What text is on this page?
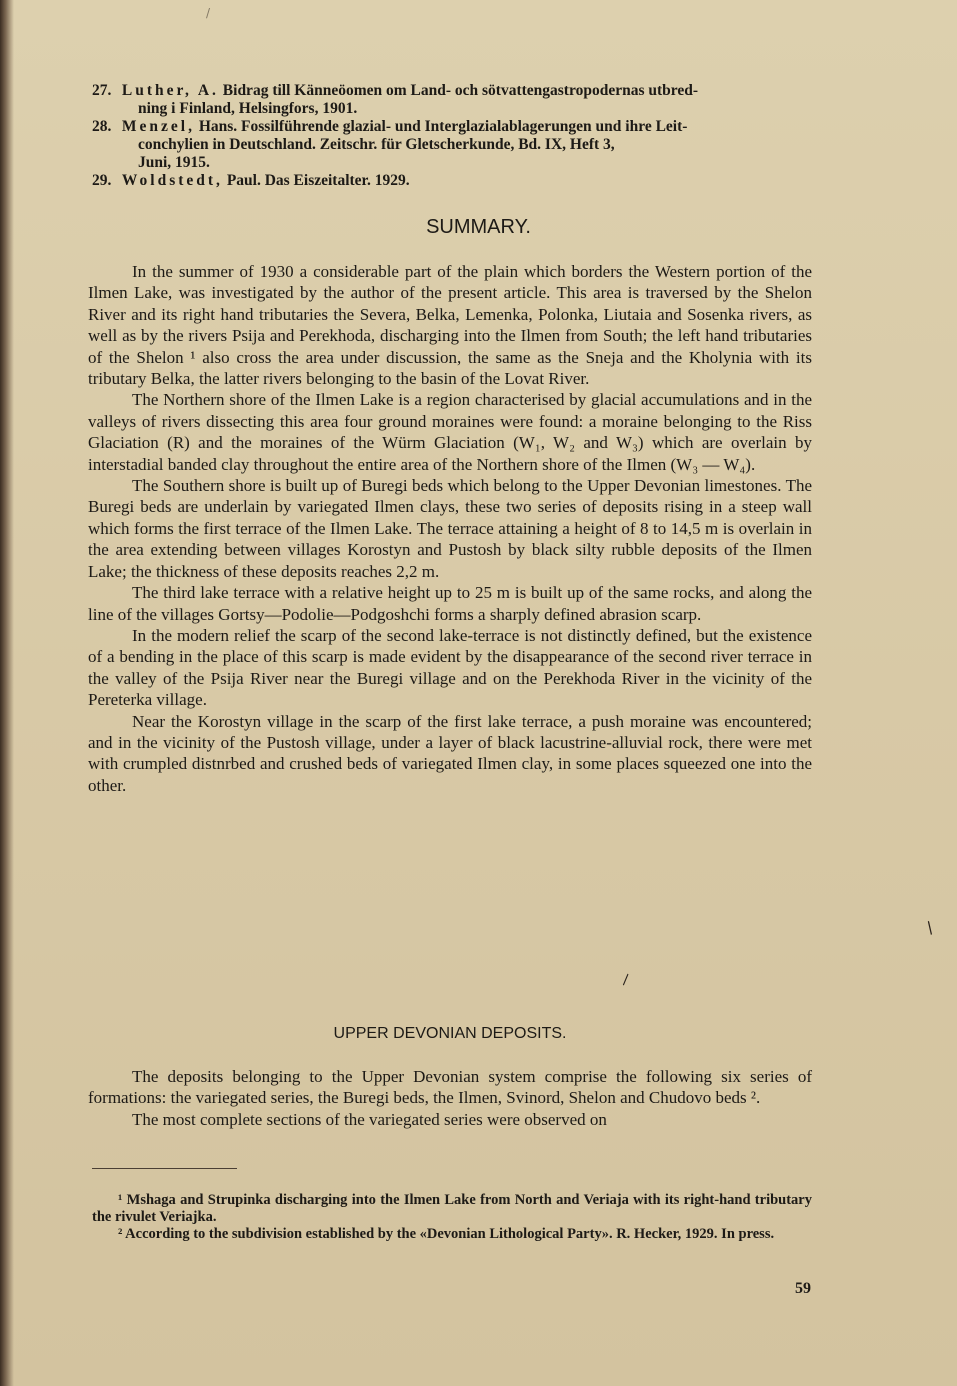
27. Luther, A. Bidrag till Känneöomen om Land- och sötvattengastropodernas utbred-
ning i Finland, Helsingfors, 1901.
28. Menzel, Hans. Fossilführende glazial- und Interglazialablagerungen und ihre Leit-
conchylien in Deutschland. Zeitschr. für Gletscherkunde, Bd. IX, Heft 3,
Juni, 1915.
29. Woldstedt, Paul. Das Eiszeitalter. 1929.
SUMMARY.

In the summer of 1930 a considerable part of the plain which borders the Western portion of the Ilmen Lake, was investigated by the author of the present article. This area is traversed by the Shelon River and its right hand tributaries the Severa, Belka, Lemenka, Polonka, Liutaia and Sosenka rivers, as well as by the rivers Psija and Perekhoda, discharging into the Ilmen from South; the left hand tributaries of the Shelon ¹ also cross the area under discussion, the same as the Sneja and the Kholynia with its tributary Belka, the latter rivers belonging to the basin of the Lovat River.

The Northern shore of the Ilmen Lake is a region characterised by glacial accumulations and in the valleys of rivers dissecting this area four ground moraines were found: a moraine belonging to the Riss Glaciation (R) and the moraines of the Würm Glaciation (W₁, W₂ and W₃) which are overlain by interstadial banded clay throughout the entire area of the Northern shore of the Ilmen (W₃ — W₄).

The Southern shore is built up of Buregi beds which belong to the Upper Devonian limestones. The Buregi beds are underlain by variegated Ilmen clays, these two series of deposits rising in a steep wall which forms the first terrace of the Ilmen Lake. The terrace attaining a height of 8 to 14,5 m is overlain in the area extending between villages Korostyn and Pustosh by black silty rubble deposits of the Ilmen Lake; the thickness of these deposits reaches 2,2 m.

The third lake terrace with a relative height up to 25 m is built up of the same rocks, and along the line of the villages Gortsy—Podolie—Podgoshchi forms a sharply defined abrasion scarp.

In the modern relief the scarp of the second lake-terrace is not distinctly defined, but the existence of a bending in the place of this scarp is made evident by the disappearance of the second river terrace in the valley of the Psija River near the Buregi village and on the Perekhoda River in the vicinity of the Pereterka village.

Near the Korostyn village in the scarp of the first lake terrace, a push moraine was encountered; and in the vicinity of the Pustosh village, under a layer of black lacustrine-alluvial rock, there were met with crumpled distnrbed and crushed beds of variegated Ilmen clay, in some places squeezed one into the other.

UPPER DEVONIAN DEPOSITS.

The deposits belonging to the Upper Devonian system comprise the following six series of formations: the variegated series, the Buregi beds, the Ilmen, Svinord, Shelon and Chudovo beds ².

The most complete sections of the variegated series were observed on

¹ Mshaga and Strupinka discharging into the Ilmen Lake from North and Veriaja with its right-hand tributary the rivulet Veriajka.

² According to the subdivision established by the «Devonian Lithological Party». R. Hecker, 1929. In press.

59
/
\
/
